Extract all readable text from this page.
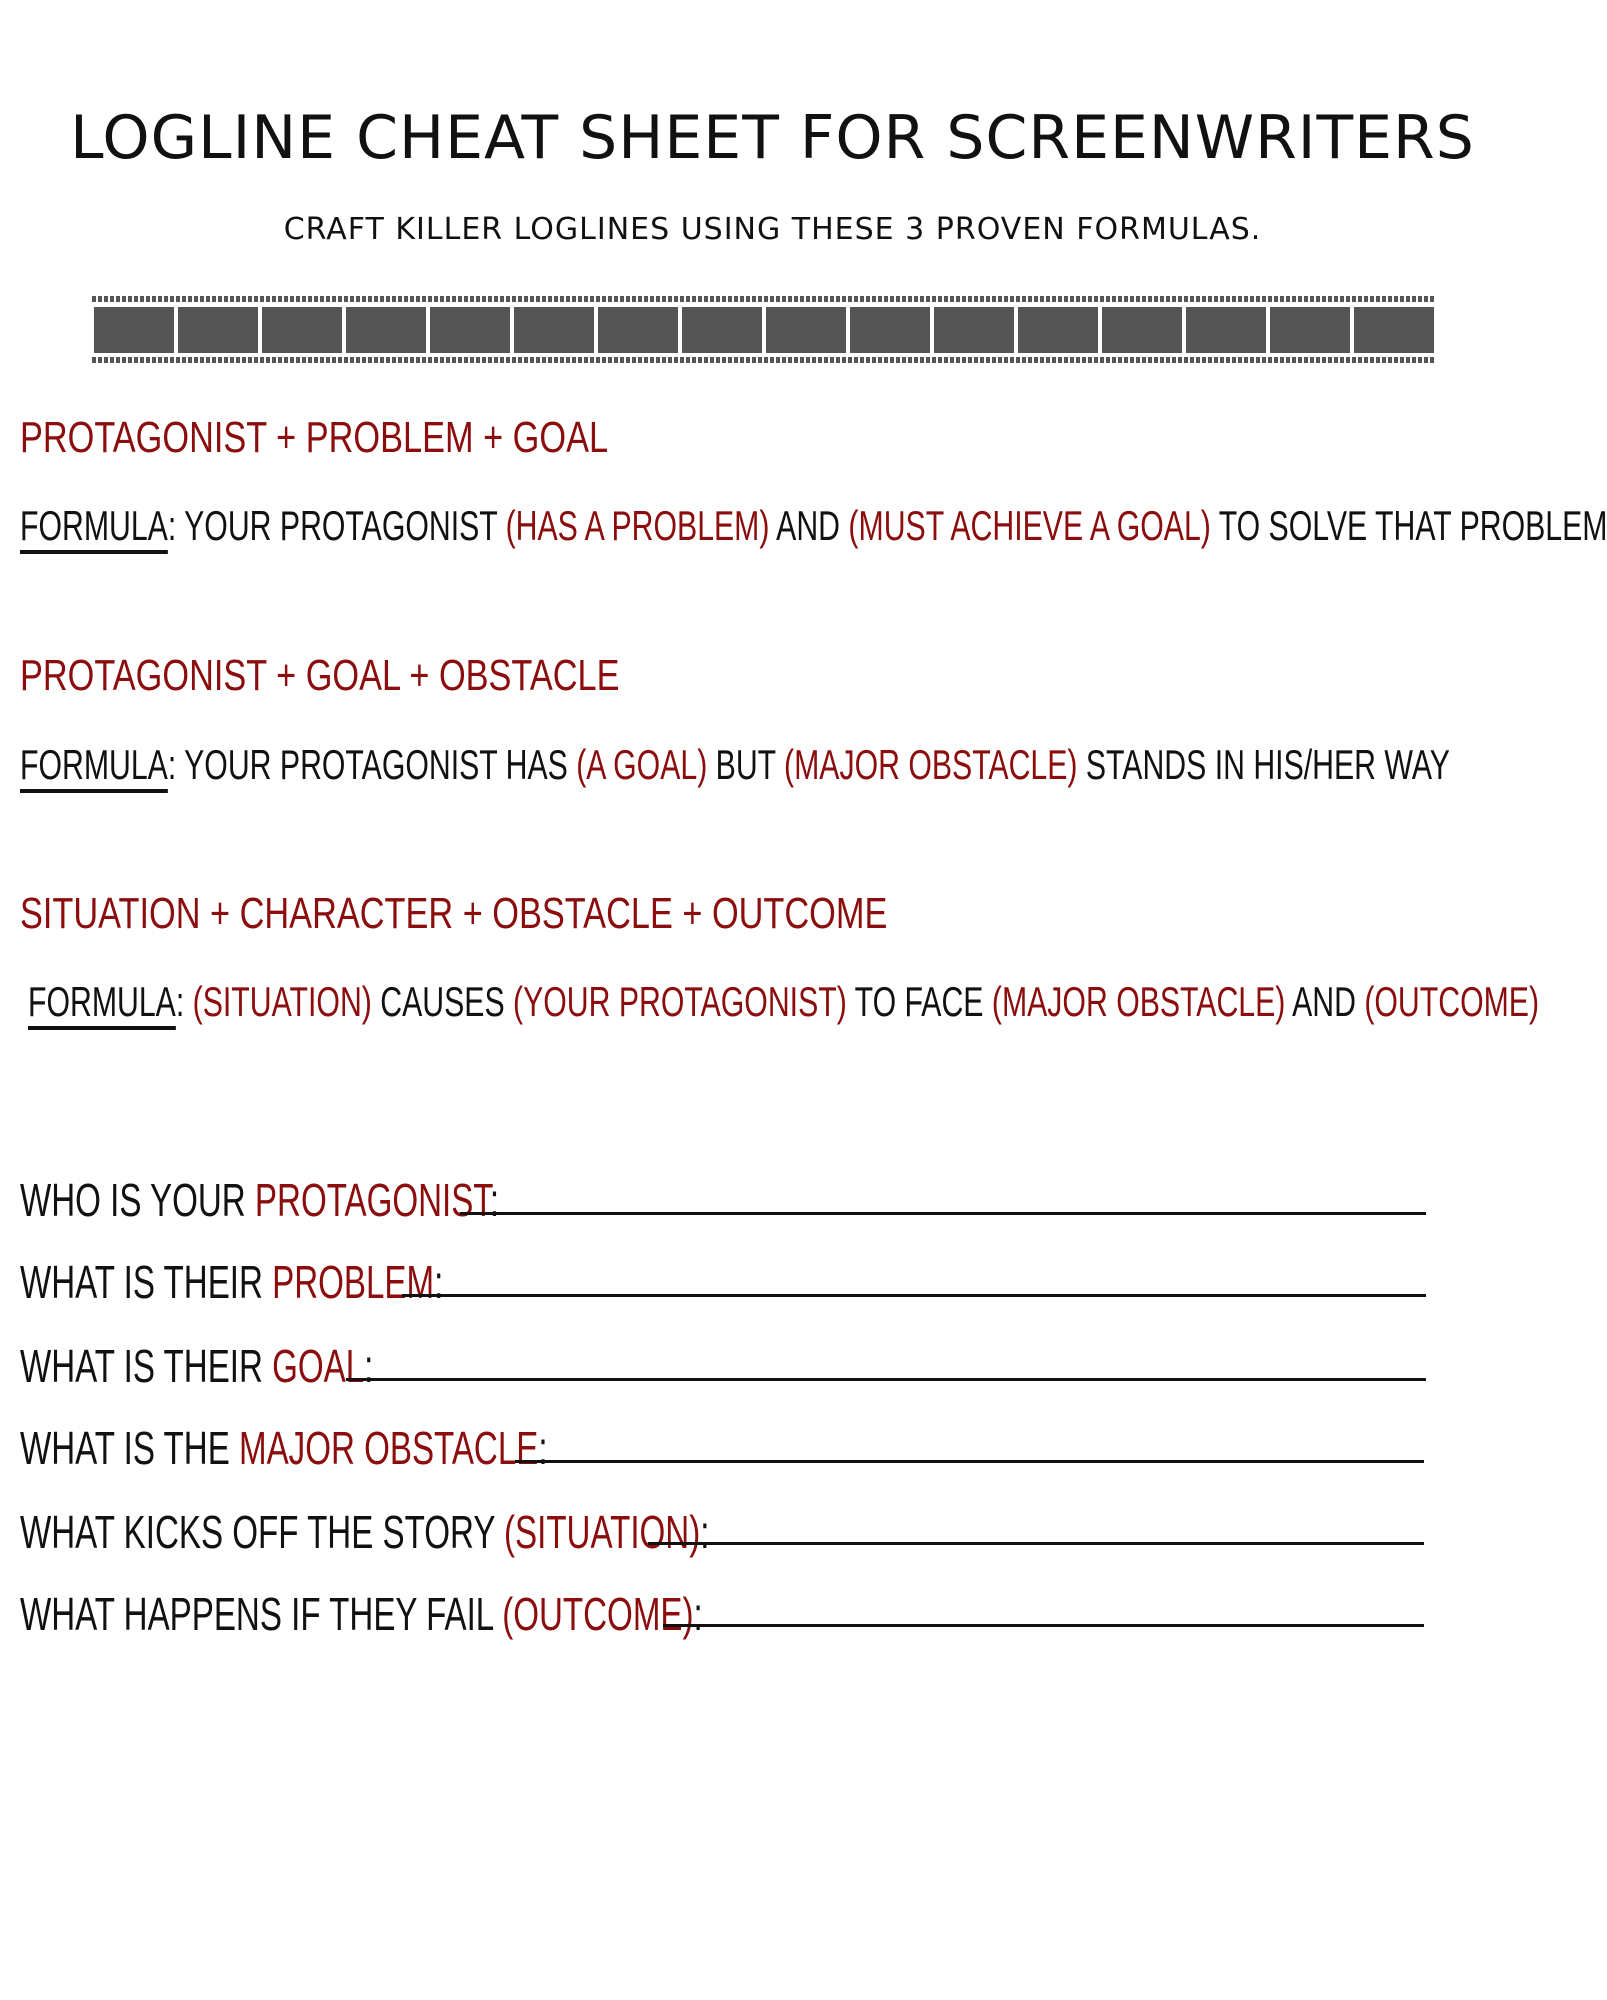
LOGLINE CHEAT SHEET FOR SCREENWRITERS
CRAFT KILLER LOGLINES USING THESE 3 PROVEN FORMULAS.
PROTAGONIST + PROBLEM + GOAL
FORMULA: YOUR PROTAGONIST (HAS A PROBLEM) AND (MUST ACHIEVE A GOAL) TO SOLVE THAT PROBLEM
PROTAGONIST + GOAL + OBSTACLE
FORMULA: YOUR PROTAGONIST HAS (A GOAL) BUT (MAJOR OBSTACLE) STANDS IN HIS/HER WAY
SITUATION + CHARACTER + OBSTACLE + OUTCOME
FORMULA: (SITUATION) CAUSES (YOUR PROTAGONIST) TO FACE (MAJOR OBSTACLE) AND (OUTCOME)
WHO IS YOUR PROTAGONIST:
WHAT IS THEIR PROBLEM:
WHAT IS THEIR GOAL:
WHAT IS THE MAJOR OBSTACLE:
WHAT KICKS OFF THE STORY (SITUATION):
WHAT HAPPENS IF THEY FAIL (OUTCOME):
